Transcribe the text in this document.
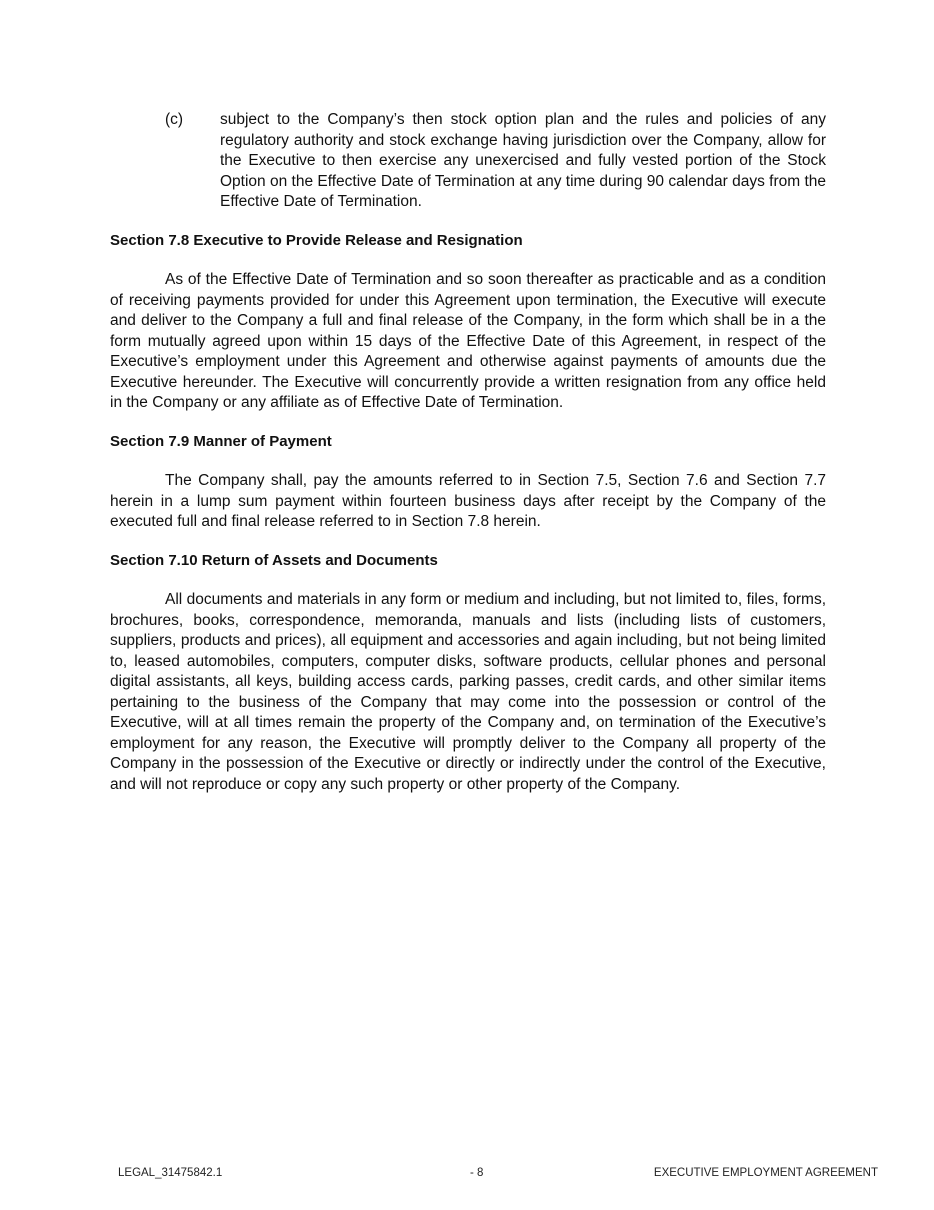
(c) subject to the Company’s then stock option plan and the rules and policies of any regulatory authority and stock exchange having jurisdiction over the Company, allow for the Executive to then exercise any unexercised and fully vested portion of the Stock Option on the Effective Date of Termination at any time during 90 calendar days from the Effective Date of Termination.
Section 7.8 Executive to Provide Release and Resignation

As of the Effective Date of Termination and so soon thereafter as practicable and as a condition of receiving payments provided for under this Agreement upon termination, the Executive will execute and deliver to the Company a full and final release of the Company, in the form which shall be in a the form mutually agreed upon within 15 days of the Effective Date of this Agreement, in respect of the Executive’s employment under this Agreement and otherwise against payments of amounts due the Executive hereunder. The Executive will concurrently provide a written resignation from any office held in the Company or any affiliate as of Effective Date of Termination.

Section 7.9 Manner of Payment

The Company shall, pay the amounts referred to in Section 7.5, Section 7.6 and Section 7.7 herein in a lump sum payment within fourteen business days after receipt by the Company of the executed full and final release referred to in Section 7.8 herein.

Section 7.10 Return of Assets and Documents

All documents and materials in any form or medium and including, but not limited to, files, forms, brochures, books, correspondence, memoranda, manuals and lists (including lists of customers, suppliers, products and prices), all equipment and accessories and again including, but not being limited to, leased automobiles, computers, computer disks, software products, cellular phones and personal digital assistants, all keys, building access cards, parking passes, credit cards, and other similar items pertaining to the business of the Company that may come into the possession or control of the Executive, will at all times remain the property of the Company and, on termination of the Executive’s employment for any reason, the Executive will promptly deliver to the Company all property of the Company in the possession of the Executive or directly or indirectly under the control of the Executive, and will not reproduce or copy any such property or other property of the Company.

LEGAL_31475842.1	- 8	EXECUTIVE EMPLOYMENT AGREEMENT
